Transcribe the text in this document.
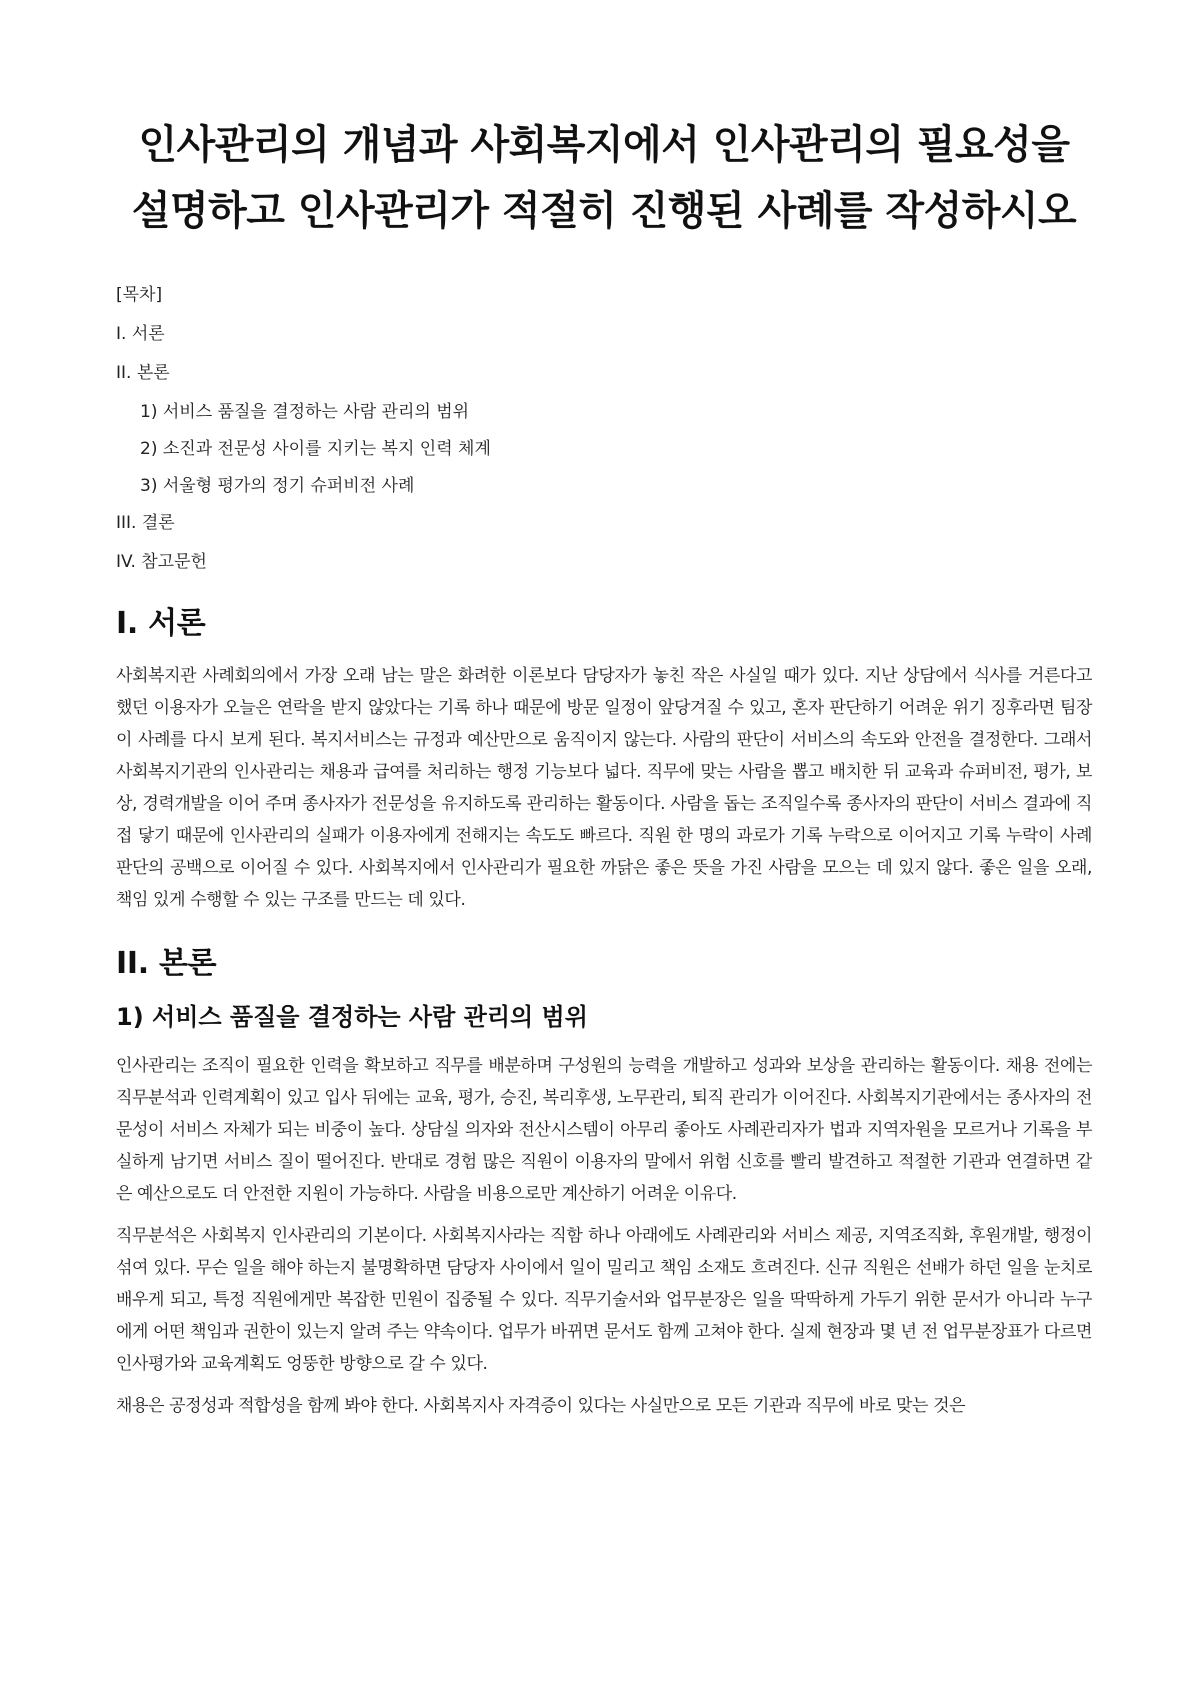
인사관리의 개념과 사회복지에서 인사관리의 필요성을 설명하고 인사관리가 적절히 진행된 사례를 작성하시오
[목차]
I. 서론
II. 본론
1) 서비스 품질을 결정하는 사람 관리의 범위
2) 소진과 전문성 사이를 지키는 복지 인력 체계
3) 서울형 평가의 정기 슈퍼비전 사례
III. 결론
IV. 참고문헌
I. 서론

사회복지관 사례회의에서 가장 오래 남는 말은 화려한 이론보다 담당자가 놓친 작은 사실일 때가 있다. 지난 상담에서 식사를 거른다고 했던 이용자가 오늘은 연락을 받지 않았다는 기록 하나 때문에 방문 일정이 앞당겨질 수 있고, 혼자 판단하기 어려운 위기 징후라면 팀장이 사례를 다시 보게 된다. 복지서비스는 규정과 예산만으로 움직이지 않는다. 사람의 판단이 서비스의 속도와 안전을 결정한다. 그래서 사회복지기관의 인사관리는 채용과 급여를 처리하는 행정 기능보다 넓다. 직무에 맞는 사람을 뽑고 배치한 뒤 교육과 슈퍼비전, 평가, 보상, 경력개발을 이어 주며 종사자가 전문성을 유지하도록 관리하는 활동이다. 사람을 돕는 조직일수록 종사자의 판단이 서비스 결과에 직접 닿기 때문에 인사관리의 실패가 이용자에게 전해지는 속도도 빠르다. 직원 한 명의 과로가 기록 누락으로 이어지고 기록 누락이 사례 판단의 공백으로 이어질 수 있다. 사회복지에서 인사관리가 필요한 까닭은 좋은 뜻을 가진 사람을 모으는 데 있지 않다. 좋은 일을 오래, 책임 있게 수행할 수 있는 구조를 만드는 데 있다.

II. 본론
1) 서비스 품질을 결정하는 사람 관리의 범위

인사관리는 조직이 필요한 인력을 확보하고 직무를 배분하며 구성원의 능력을 개발하고 성과와 보상을 관리하는 활동이다. 채용 전에는 직무분석과 인력계획이 있고 입사 뒤에는 교육, 평가, 승진, 복리후생, 노무관리, 퇴직 관리가 이어진다. 사회복지기관에서는 종사자의 전문성이 서비스 자체가 되는 비중이 높다. 상담실 의자와 전산시스템이 아무리 좋아도 사례관리자가 법과 지역자원을 모르거나 기록을 부실하게 남기면 서비스 질이 떨어진다. 반대로 경험 많은 직원이 이용자의 말에서 위험 신호를 빨리 발견하고 적절한 기관과 연결하면 같은 예산으로도 더 안전한 지원이 가능하다. 사람을 비용으로만 계산하기 어려운 이유다.

직무분석은 사회복지 인사관리의 기본이다. 사회복지사라는 직함 하나 아래에도 사례관리와 서비스 제공, 지역조직화, 후원개발, 행정이 섞여 있다. 무슨 일을 해야 하는지 불명확하면 담당자 사이에서 일이 밀리고 책임 소재도 흐려진다. 신규 직원은 선배가 하던 일을 눈치로 배우게 되고, 특정 직원에게만 복잡한 민원이 집중될 수 있다. 직무기술서와 업무분장은 일을 딱딱하게 가두기 위한 문서가 아니라 누구에게 어떤 책임과 권한이 있는지 알려 주는 약속이다. 업무가 바뀌면 문서도 함께 고쳐야 한다. 실제 현장과 몇 년 전 업무분장표가 다르면 인사평가와 교육계획도 엉뚱한 방향으로 갈 수 있다.

채용은 공정성과 적합성을 함께 봐야 한다. 사회복지사 자격증이 있다는 사실만으로 모든 기관과 직무에 바로 맞는 것은
